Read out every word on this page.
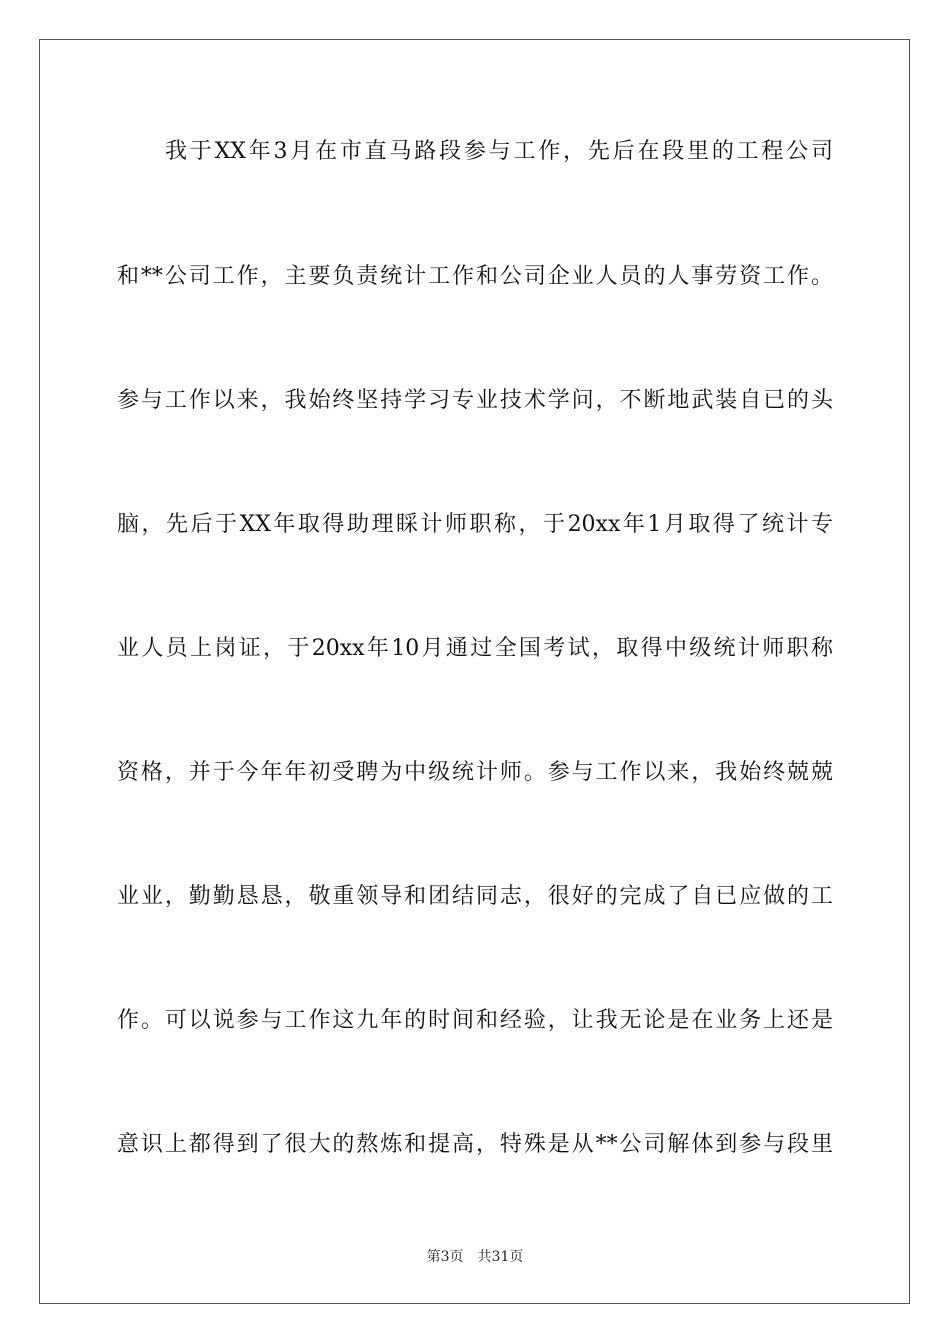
我于XX年3月在市直马路段参与工作，先后在段里的工程公司
和**公司工作，主要负责统计工作和公司企业人员的人事劳资工作。
参与工作以来，我始终坚持学习专业技术学问，不断地武装自已的头
脑，先后于XX年取得助理睬计师职称，于20xx年1月取得了统计专
业人员上岗证，于20xx年10月通过全国考试，取得中级统计师职称
资格，并于今年年初受聘为中级统计师。参与工作以来，我始终兢兢
业业，勤勤恳恳，敬重领导和团结同志，很好的完成了自已应做的工
作。可以说参与工作这九年的时间和经验，让我无论是在业务上还是
意识上都得到了很大的熬炼和提高，特殊是从**公司解体到参与段里
第3页 共31页
